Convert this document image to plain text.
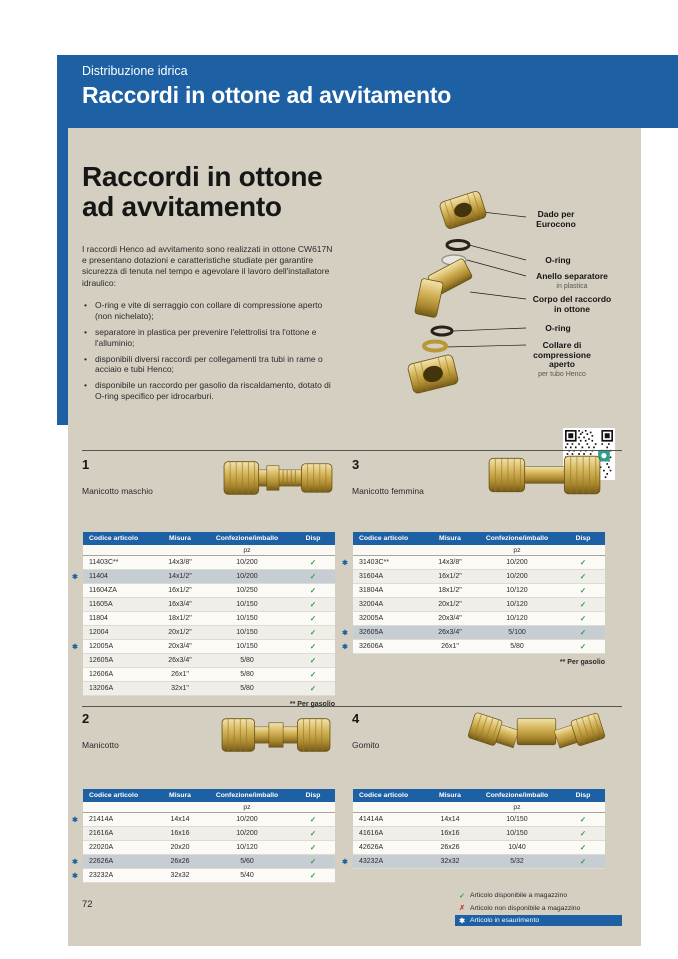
Distribuzione idrica
Raccordi in ottone ad avvitamento
Raccordi in ottone
ad avvitamento

I raccordi Henco ad avvitamento sono realizzati in ottone CW617N e presentano dotazioni e caratteristiche studiate per garantire sicurezza di tenuta nel tempo e agevolare il lavoro dell'installatore idraulico:

• O-ring e vite di serraggio con collare di compressione aperto (non nichelato);
• separatore in plastica per prevenire l'elettrolisi tra l'ottone e l'alluminio;
• disponibili diversi raccordi per collegamenti tra tubi in rame o acciaio e tubi Henco;
• disponibile un raccordo per gasolio da riscaldamento, dotato di O-ring specifico per idrocarburi.
Dado per Eurocono
O-ring
Anello separatore
in plastica
Corpo del raccordo in ottone
O-ring
Collare di compressione aperto
per tubo Henco
1
Manicotto maschio
3
Manicotto femmina
2
Manicotto
4
Gomito
	Codice articolo	Misura	Confezione/imballo	Disp
			pz	
	11403C**	14x3/8"	10/200	✓
✱	11404	14x1/2"	10/200	✓
	11604ZA	16x1/2"	10/250	✓
	11605A	16x3/4"	10/150	✓
	11804	18x1/2"	10/150	✓
	12004	20x1/2"	10/150	✓
✱	12005A	20x3/4"	10/150	✓
	12605A	26x3/4"	5/80	✓
	12606A	26x1"	5/80	✓
	13206A	32x1"	5/80	✓
** Per gasolio
	Codice articolo	Misura	Confezione/imballo	Disp
			pz	
✱	31403C**	14x3/8"	10/200	✓
	31604A	16x1/2"	10/200	✓
	31804A	18x1/2"	10/120	✓
	32004A	20x1/2"	10/120	✓
	32005A	20x3/4"	10/120	✓
✱	32605A	26x3/4"	5/100	✓
✱	32606A	26x1"	5/80	✓
** Per gasolio
	Codice articolo	Misura	Confezione/imballo	Disp
			pz	
✱	21414A	14x14	10/200	✓
	21616A	16x16	10/200	✓
	22020A	20x20	10/120	✓
✱	22626A	26x26	5/60	✓
✱	23232A	32x32	5/40	✓
	Codice articolo	Misura	Confezione/imballo	Disp
			pz	
	41414A	14x14	10/150	✓
	41616A	16x16	10/150	✓
	42626A	26x26	10/40	✓
✱	43232A	32x32	5/32	✓
72
✓ Articolo disponibile a magazzino
✗ Articolo non disponibile a magazzino
✱ Articolo in esaurimento
